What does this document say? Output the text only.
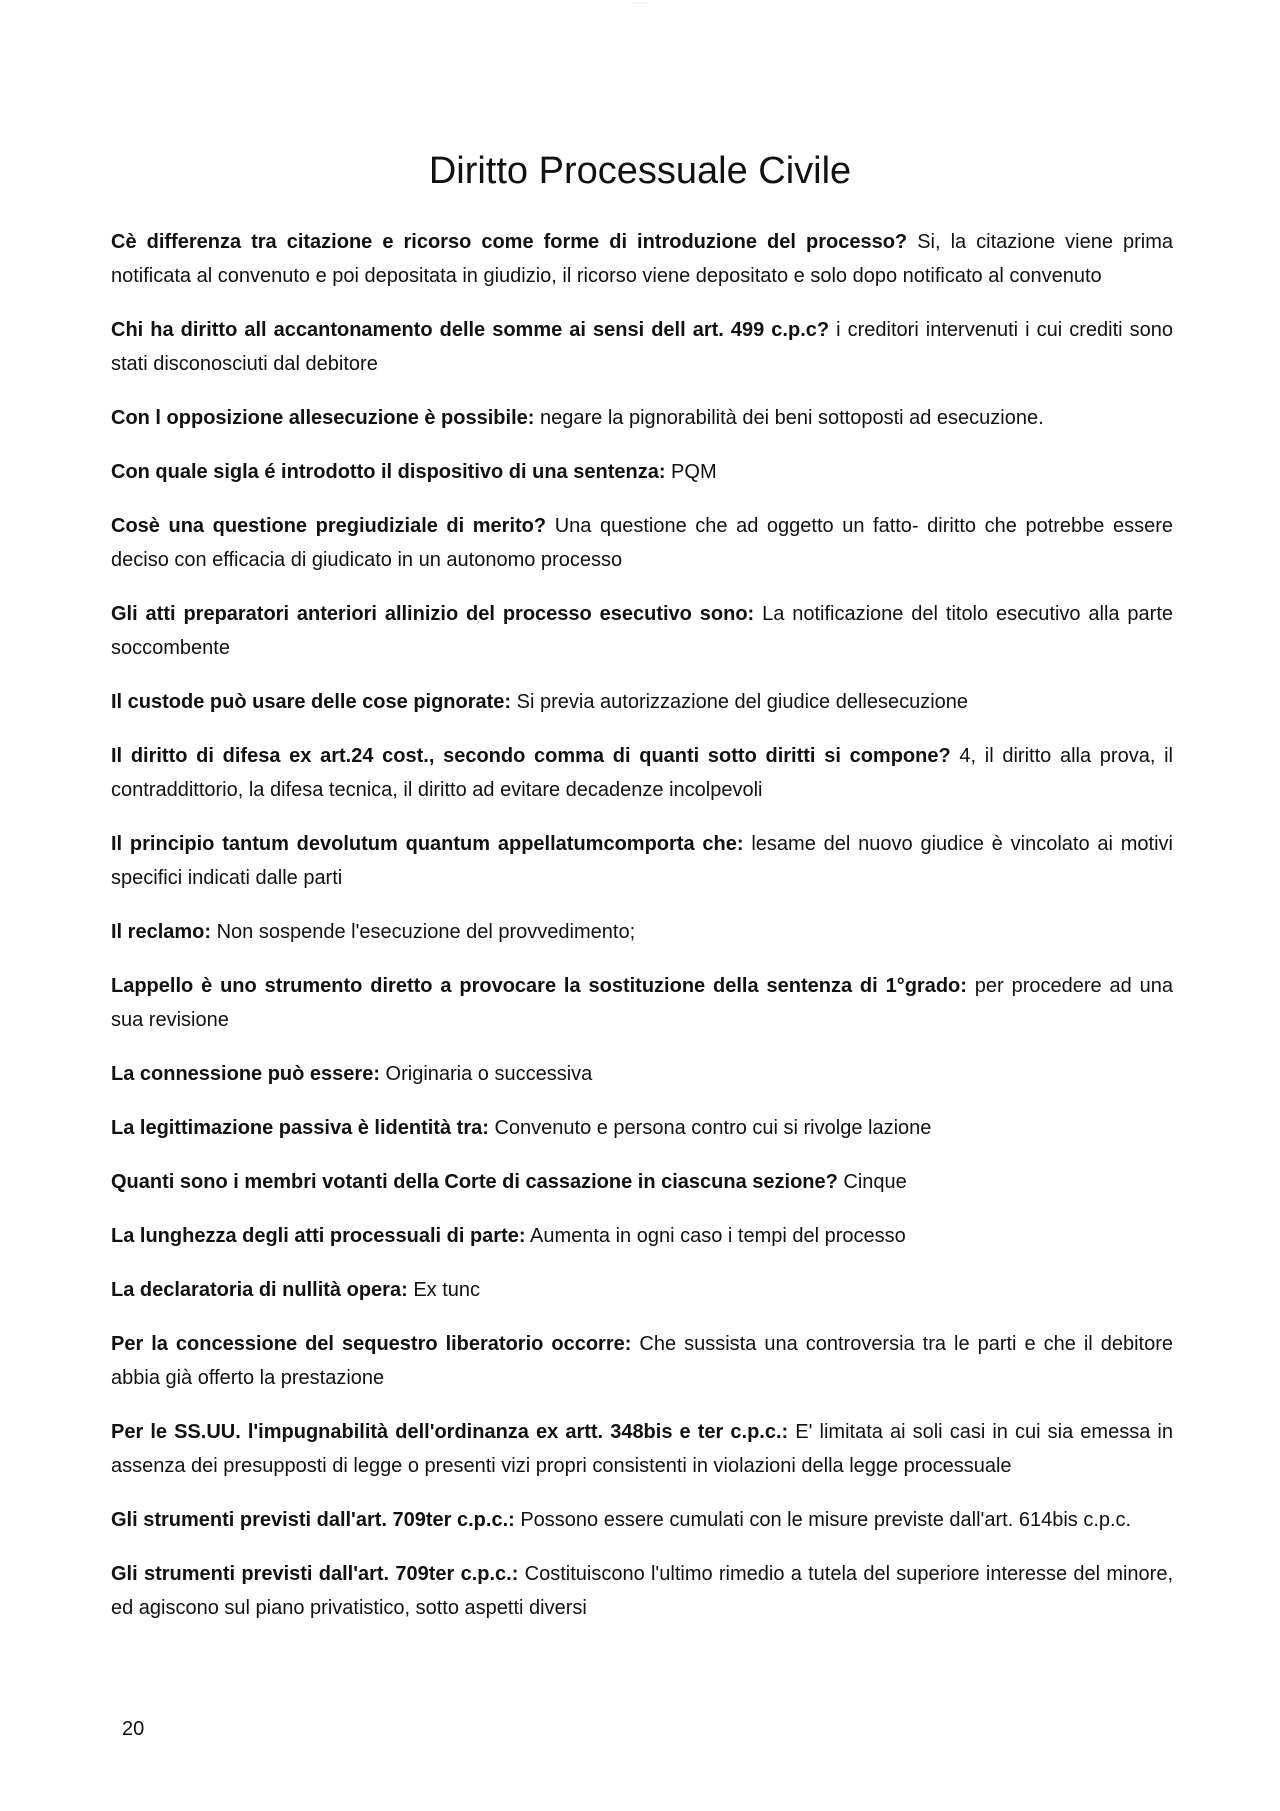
— — — —
Diritto Processuale Civile

Cè differenza tra citazione e ricorso come forme di introduzione del processo? Si, la citazione viene prima notificata al convenuto e poi depositata in giudizio, il ricorso viene depositato e solo dopo notificato al convenuto

Chi ha diritto all accantonamento delle somme ai sensi dell art. 499 c.p.c? i creditori intervenuti i cui crediti sono stati disconosciuti dal debitore

Con l opposizione allesecuzione è possibile: negare la pignorabilità dei beni sottoposti ad esecuzione.

Con quale sigla é introdotto il dispositivo di una sentenza: PQM

Cosè una questione pregiudiziale di merito? Una questione che ad oggetto un fatto- diritto che potrebbe essere deciso con efficacia di giudicato in un autonomo processo

Gli atti preparatori anteriori allinizio del processo esecutivo sono: La notificazione del titolo esecutivo alla parte soccombente

Il custode può usare delle cose pignorate: Si previa autorizzazione del giudice dellesecuzione

Il diritto di difesa ex art.24 cost., secondo comma di quanti sotto diritti si compone? 4, il diritto alla prova, il contraddittorio, la difesa tecnica, il diritto ad evitare decadenze incolpevoli

Il principio tantum devolutum quantum appellatumcomporta che: lesame del nuovo giudice è vincolato ai motivi specifici indicati dalle parti

Il reclamo: Non sospende l'esecuzione del provvedimento;

Lappello è uno strumento diretto a provocare la sostituzione della sentenza di 1°grado: per procedere ad una sua revisione

La connessione può essere: Originaria o successiva

La legittimazione passiva è lidentità tra: Convenuto e persona contro cui si rivolge lazione

Quanti sono i membri votanti della Corte di cassazione in ciascuna sezione? Cinque

La lunghezza degli atti processuali di parte: Aumenta in ogni caso i tempi del processo

La declaratoria di nullità opera: Ex tunc

Per la concessione del sequestro liberatorio occorre: Che sussista una controversia tra le parti e che il debitore abbia già offerto la prestazione

Per le SS.UU. l'impugnabilità dell'ordinanza ex artt. 348bis e ter c.p.c.: E' limitata ai soli casi in cui sia emessa in assenza dei presupposti di legge o presenti vizi propri consistenti in violazioni della legge processuale

Gli strumenti previsti dall'art. 709ter c.p.c.: Possono essere cumulati con le misure previste dall'art. 614bis c.p.c.

Gli strumenti previsti dall'art. 709ter c.p.c.: Costituiscono l'ultimo rimedio a tutela del superiore interesse del minore, ed agiscono sul piano privatistico, sotto aspetti diversi

20
